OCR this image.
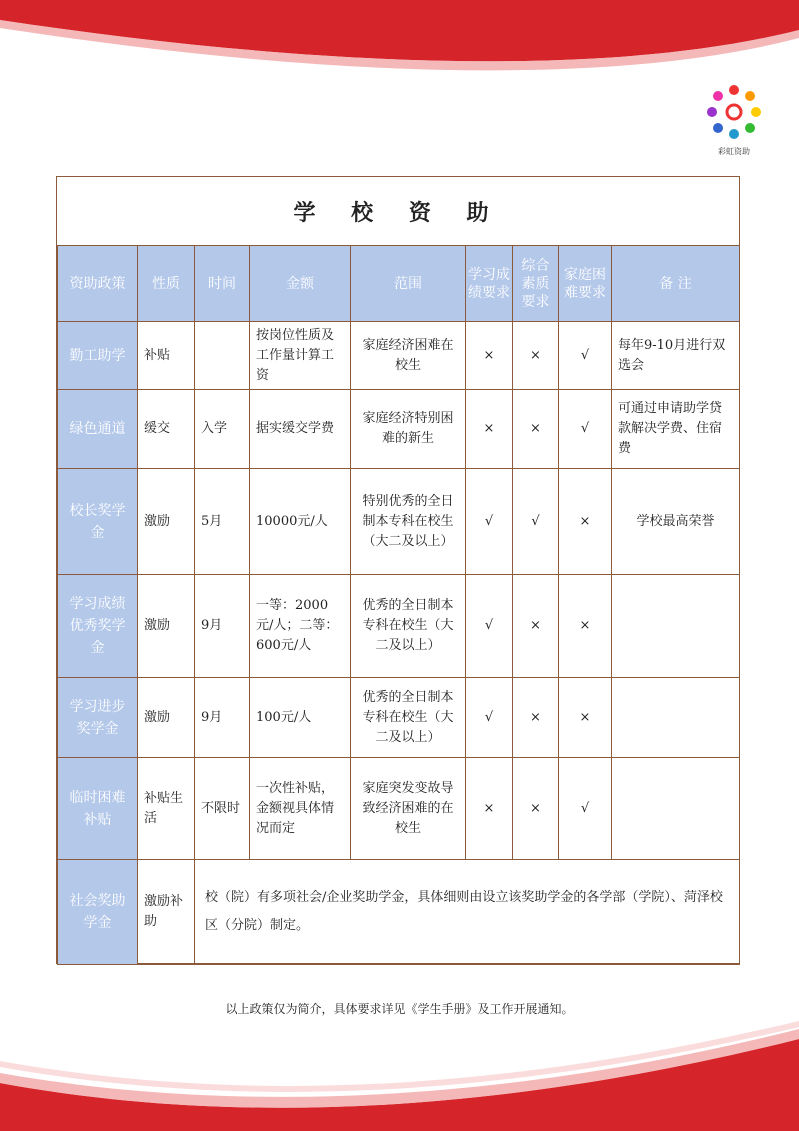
彩虹资助
学 校 资 助
资助政策	性质	时间	金额	范围	学习成绩要求	综合素质要求	家庭困难要求	备 注
勤工助学	补贴		按岗位性质及工作量计算工资	家庭经济困难在校生	×	×	√	每年9-10月进行双选会
绿色通道	缓交	入学	据实缓交学费	家庭经济特别困难的新生	×	×	√	可通过申请助学贷款解决学费、住宿费
校长奖学金	激励	5月	10000元/人	特别优秀的全日制本专科在校生（大二及以上）	√	√	×	学校最高荣誉
学习成绩优秀奖学金	激励	9月	一等：2000元/人；二等：600元/人	优秀的全日制本专科在校生（大二及以上）	√	×	×	
学习进步奖学金	激励	9月	100元/人	优秀的全日制本专科在校生（大二及以上）	√	×	×	
临时困难补贴	补贴生活	不限时	一次性补贴，金额视具体情况而定	家庭突发变故导致经济困难的在校生	×	×	√	
社会奖助学金	激励补助	校（院）有多项社会/企业奖助学金，具体细则由设立该奖助学金的各学部（学院）、菏泽校区（分院）制定。						
以上政策仅为简介，具体要求详见《学生手册》及工作开展通知。
